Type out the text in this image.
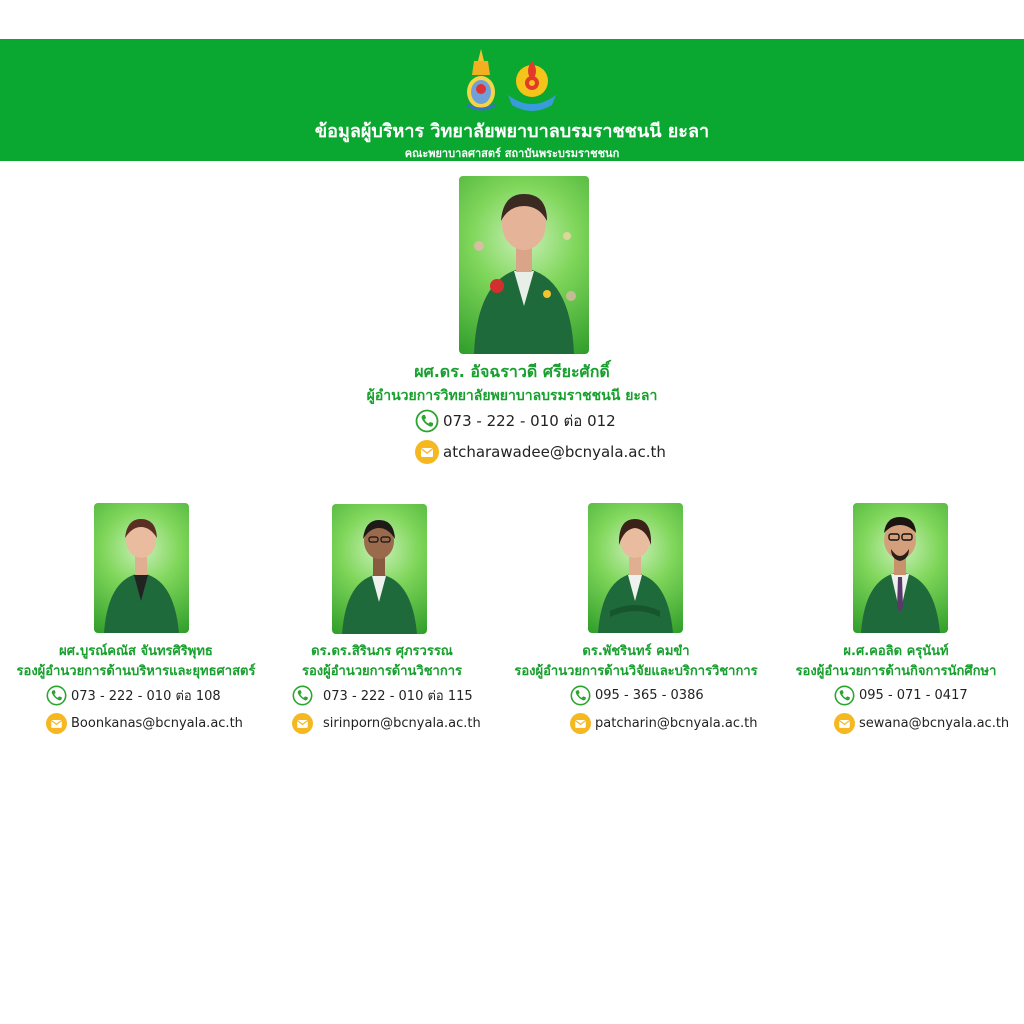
ข้อมูลผู้บริหาร วิทยาลัยพยาบาลบรมราชชนนี ยะลา
คณะพยาบาลศาสตร์ สถาบันพระบรมราชชนก
ผศ.ดร. อัจฉราวดี ศรียะศักดิ์
ผู้อำนวยการวิทยาลัยพยาบาลบรมราชชนนี ยะลา
073 - 222 - 010 ต่อ 012
atcharawadee@bcnyala.ac.th
ผศ.บูรณ์คณัส จันทรศิริพุทธ
รองผู้อำนวยการด้านบริหารและยุทธศาสตร์
073 - 222 - 010 ต่อ 108
Boonkanas@bcnyala.ac.th
ดร.ดร.สิรินภร ศุภรวรรณ
รองผู้อำนวยการด้านวิชาการ
073 - 222 - 010 ต่อ 115
sirinporn@bcnyala.ac.th
ดร.พัชรินทร์ คมขำ
รองผู้อำนวยการด้านวิจัยและบริการวิชาการ
095 - 365 - 0386
patcharin@bcnyala.ac.th
ผ.ศ.คอลิด ครุนันท์
รองผู้อำนวยการด้านกิจการนักศึกษา
095 - 071 - 0417
sewana@bcnyala.ac.th
